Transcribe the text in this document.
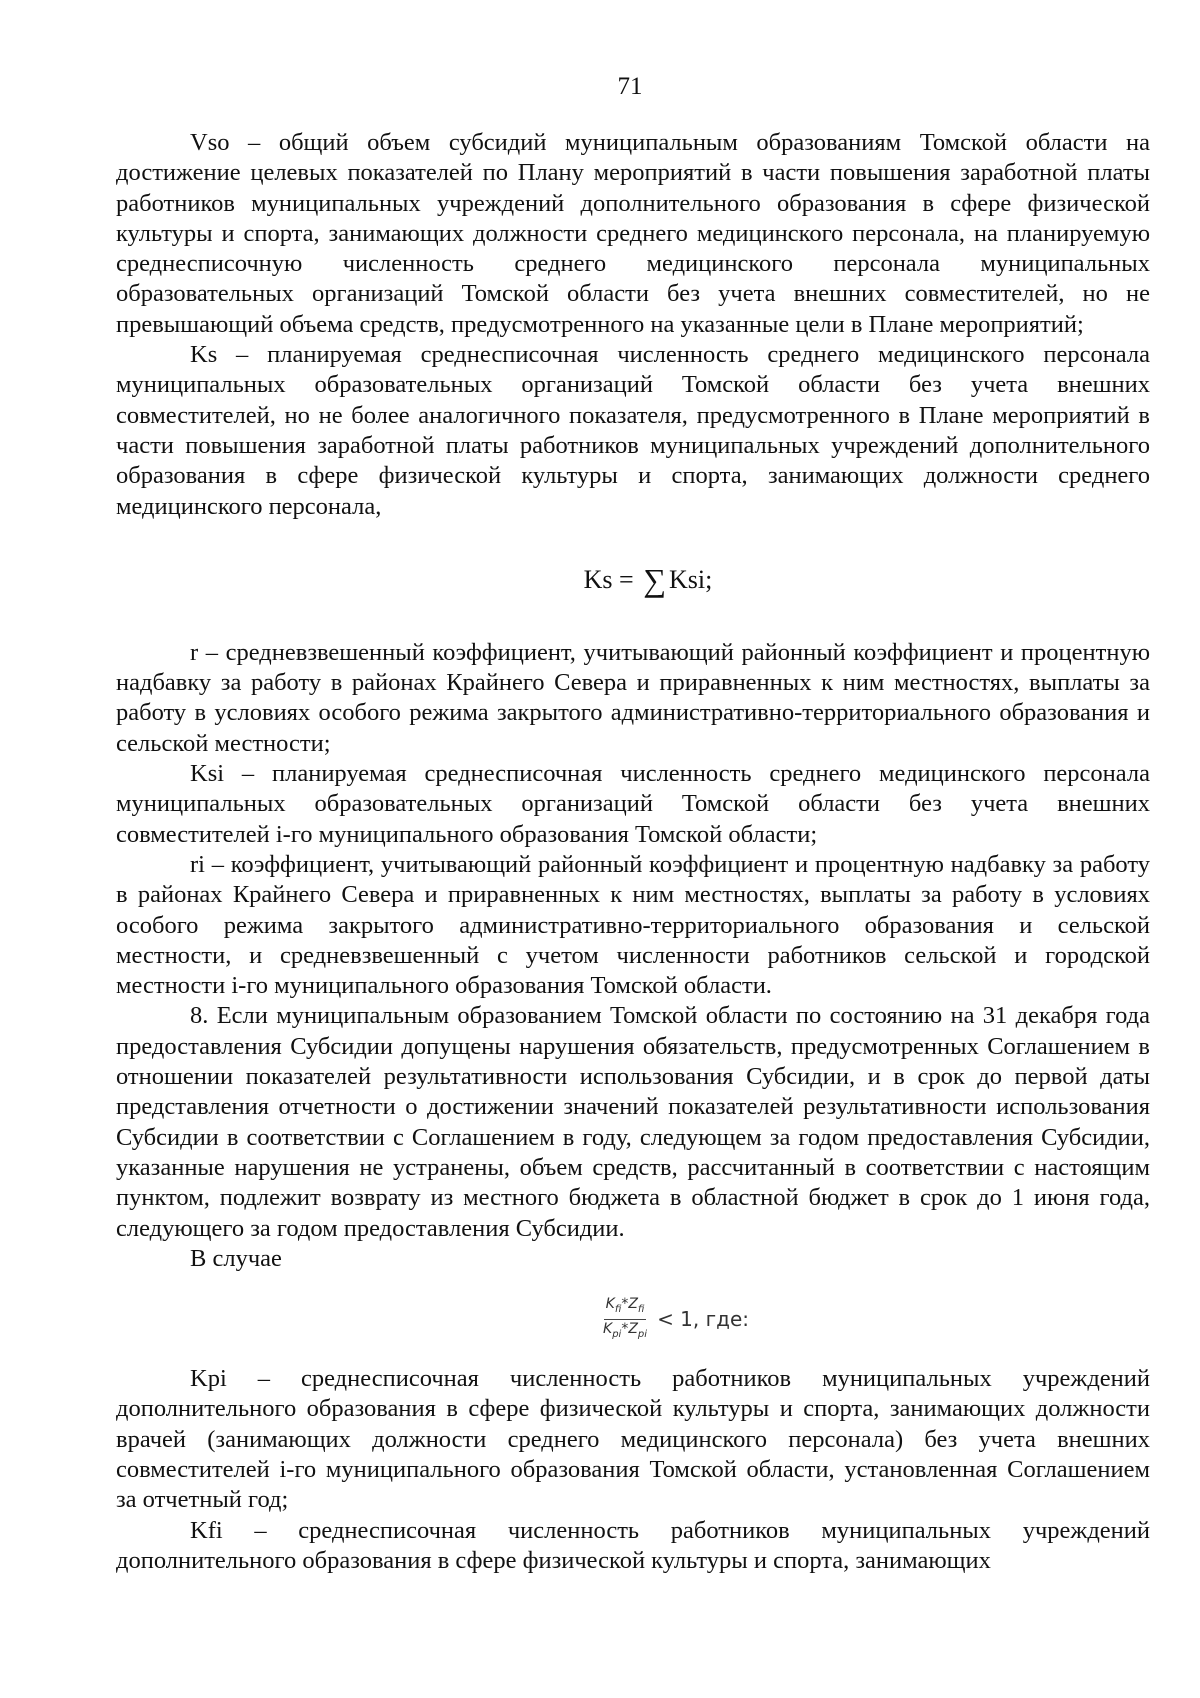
71

Vso – общий объем субсидий муниципальным образованиям Томской области на достижение целевых показателей по Плану мероприятий в части повышения заработной платы работников муниципальных учреждений дополнительного образования в сфере физической культуры и спорта, занимающих должности среднего медицинского персонала, на планируемую среднесписочную численность среднего медицинского персонала муниципальных образовательных организаций Томской области без учета внешних совместителей, но не превышающий объема средств, предусмотренного на указанные цели в Плане мероприятий;

Ks – планируемая среднесписочная численность среднего медицинского персонала муниципальных образовательных организаций Томской области без учета внешних совместителей, но не более аналогичного показателя, предусмотренного в Плане мероприятий в части повышения заработной платы работников муниципальных учреждений дополнительного образования в сфере физической культуры и спорта, занимающих должности среднего медицинского персонала,

Ks
=
∑ Ksi;

r – средневзвешенный коэффициент, учитывающий районный коэффициент и процентную надбавку за работу в районах Крайнего Севера и приравненных к ним местностях, выплаты за работу в условиях особого режима закрытого административно-территориального образования и сельской местности;

Ksi – планируемая среднесписочная численность среднего медицинского персонала муниципальных образовательных организаций Томской области без учета внешних совместителей i-го муниципального образования Томской области;

ri – коэффициент, учитывающий районный коэффициент и процентную надбавку за работу в районах Крайнего Севера и приравненных к ним местностях, выплаты за работу в условиях особого режима закрытого административно-территориального образования и сельской местности, и средневзвешенный с учетом численности работников сельской и городской местности i-го муниципального образования Томской области.

8. Если муниципальным образованием Томской области по состоянию на 31 декабря года предоставления Субсидии допущены нарушения обязательств, предусмотренных Соглашением в отношении показателей результативности использования Субсидии, и в срок до первой даты представления отчетности о достижении значений показателей результативности использования Субсидии в соответствии с Соглашением в году, следующем за годом предоставления Субсидии, указанные нарушения не устранены, объем средств, рассчитанный в соответствии с настоящим пунктом, подлежит возврату из местного бюджета в областной бюджет в срок до 1 июня года, следующего за годом предоставления Субсидии.

В случае

$\frac{K_{fi}*Z_{fi}}{K_{pi}*Z_{pi}} < 1$, где:

Kpi – среднесписочная численность работников муниципальных учреждений дополнительного образования в сфере физической культуры и спорта, занимающих должности врачей (занимающих должности среднего медицинского персонала) без учета внешних совместителей i-го муниципального образования Томской области, установленная Соглашением за отчетный год;

Kfi – среднесписочная численность работников муниципальных учреждений дополнительного образования в сфере физической культуры и спорта, занимающих
